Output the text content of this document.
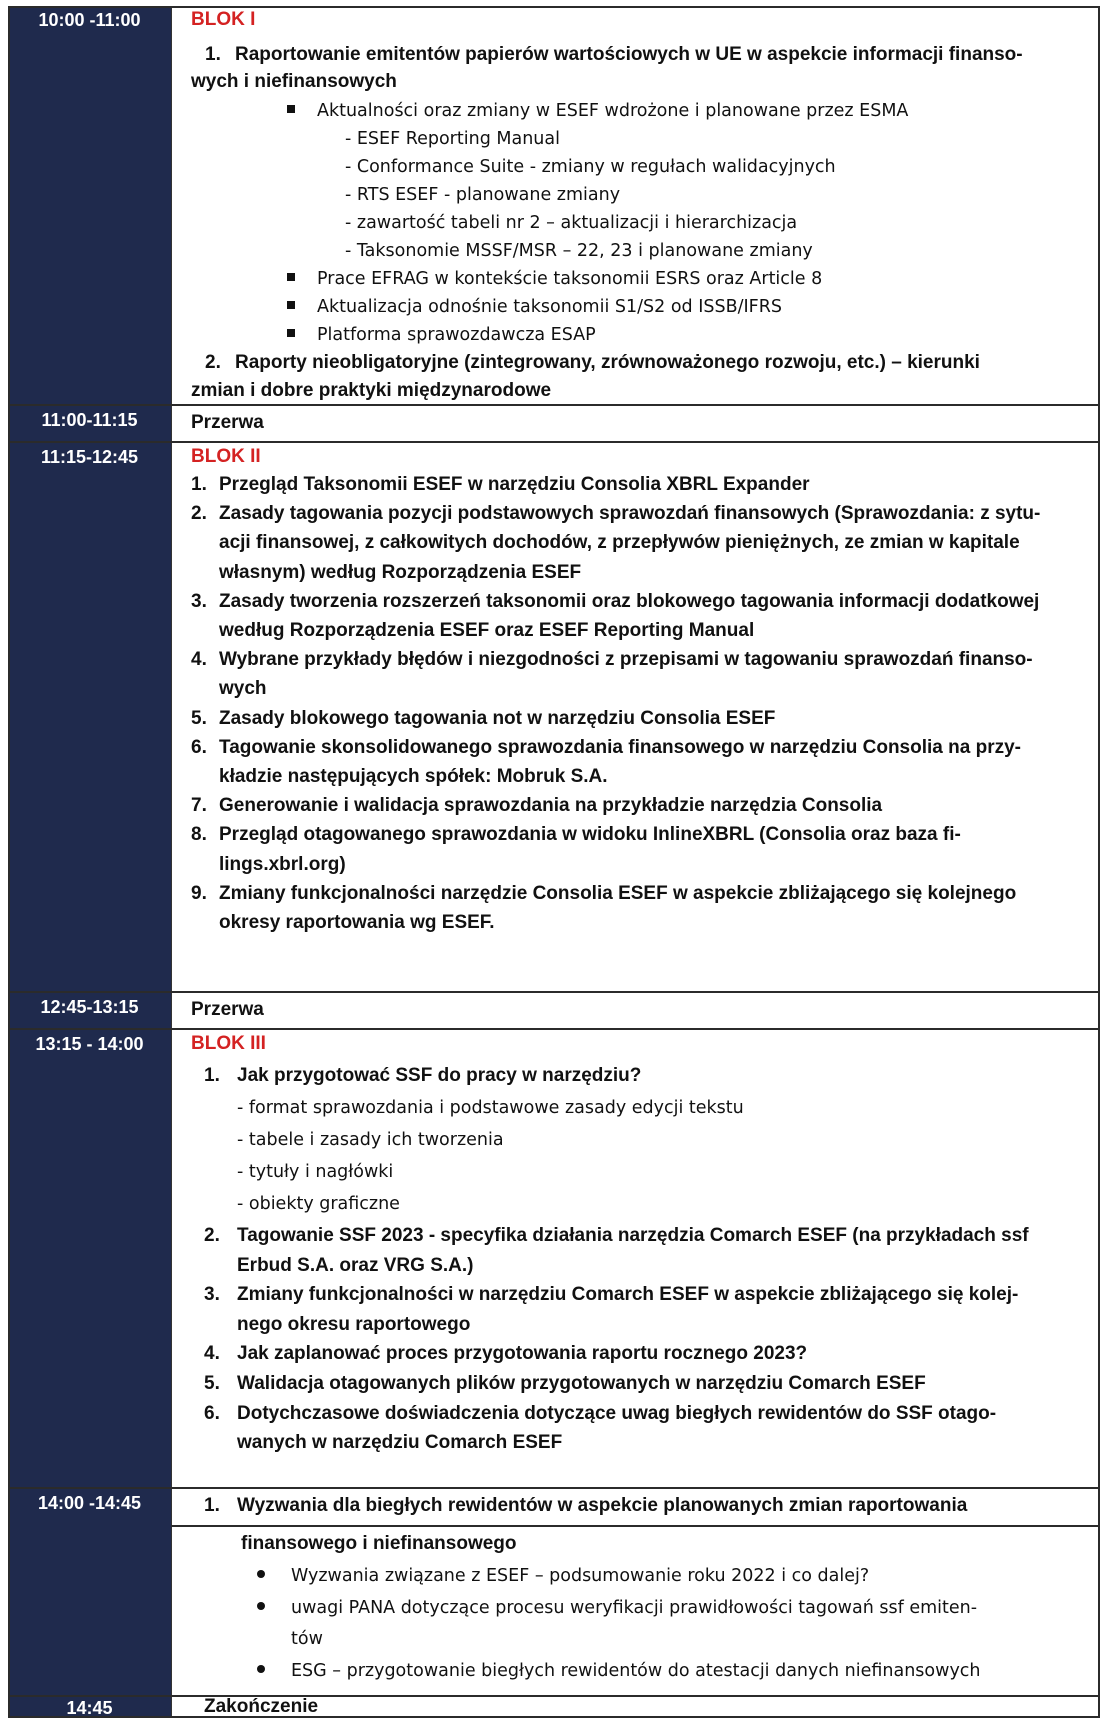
10:00 -11:00
11:00-11:15
11:15-12:45
12:45-13:15
13:15 - 14:00
14:00 -14:45
14:45
BLOK I
1. Raportowanie emitentów papierów wartościowych w UE w aspekcie informacji finanso-
wych i niefinansowych
Aktualności oraz zmiany w ESEF wdrożone i planowane przez ESMA
- ESEF Reporting Manual
- Conformance Suite - zmiany w regułach walidacyjnych
- RTS ESEF - planowane zmiany
- zawartość tabeli nr 2 – aktualizacji i hierarchizacja
- Taksonomie MSSF/MSR – 22, 23 i planowane zmiany
Prace EFRAG w kontekście taksonomii ESRS oraz Article 8
Aktualizacja odnośnie taksonomii S1/S2 od ISSB/IFRS
Platforma sprawozdawcza ESAP
2. Raporty nieobligatoryjne (zintegrowany, zrównoważonego rozwoju, etc.) – kierunki
zmian i dobre praktyki międzynarodowe
Przerwa
BLOK II
1. Przegląd Taksonomii ESEF w narzędziu Consolia XBRL Expander
2. Zasady tagowania pozycji podstawowych sprawozdań finansowych (Sprawozdania: z sytu-
acji finansowej, z całkowitych dochodów, z przepływów pieniężnych, ze zmian w kapitale
własnym) według Rozporządzenia ESEF
3. Zasady tworzenia rozszerzeń taksonomii oraz blokowego tagowania informacji dodatkowej
według Rozporządzenia ESEF oraz ESEF Reporting Manual
4. Wybrane przykłady błędów i niezgodności z przepisami w tagowaniu sprawozdań finanso-
wych
5. Zasady blokowego tagowania not w narzędziu Consolia ESEF
6. Tagowanie skonsolidowanego sprawozdania finansowego w narzędziu Consolia na przy-
kładzie następujących spółek: Mobruk S.A.
7. Generowanie i walidacja sprawozdania na przykładzie narzędzia Consolia
8. Przegląd otagowanego sprawozdania w widoku InlineXBRL (Consolia oraz baza fi-
lings.xbrl.org)
9. Zmiany funkcjonalności narzędzie Consolia ESEF w aspekcie zbliżającego się kolejnego
okresy raportowania wg ESEF.
Przerwa
BLOK III
1. Jak przygotować SSF do pracy w narzędziu?
- format sprawozdania i podstawowe zasady edycji tekstu
- tabele i zasady ich tworzenia
- tytuły i nagłówki
- obiekty graficzne
2. Tagowanie SSF 2023 - specyfika działania narzędzia Comarch ESEF (na przykładach ssf
Erbud S.A. oraz VRG S.A.)
3. Zmiany funkcjonalności w narzędziu Comarch ESEF w aspekcie zbliżającego się kolej-
nego okresu raportowego
4. Jak zaplanować proces przygotowania raportu rocznego 2023?
5. Walidacja otagowanych plików przygotowanych w narzędziu Comarch ESEF
6. Dotychczasowe doświadczenia dotyczące uwag biegłych rewidentów do SSF otago-
wanych w narzędziu Comarch ESEF
1. Wyzwania dla biegłych rewidentów w aspekcie planowanych zmian raportowania
finansowego i niefinansowego
Wyzwania związane z ESEF – podsumowanie roku 2022 i co dalej?
uwagi PANA dotyczące procesu weryfikacji prawidłowości tagowań ssf emiten-
tów
ESG – przygotowanie biegłych rewidentów do atestacji danych niefinansowych
Zakończenie
